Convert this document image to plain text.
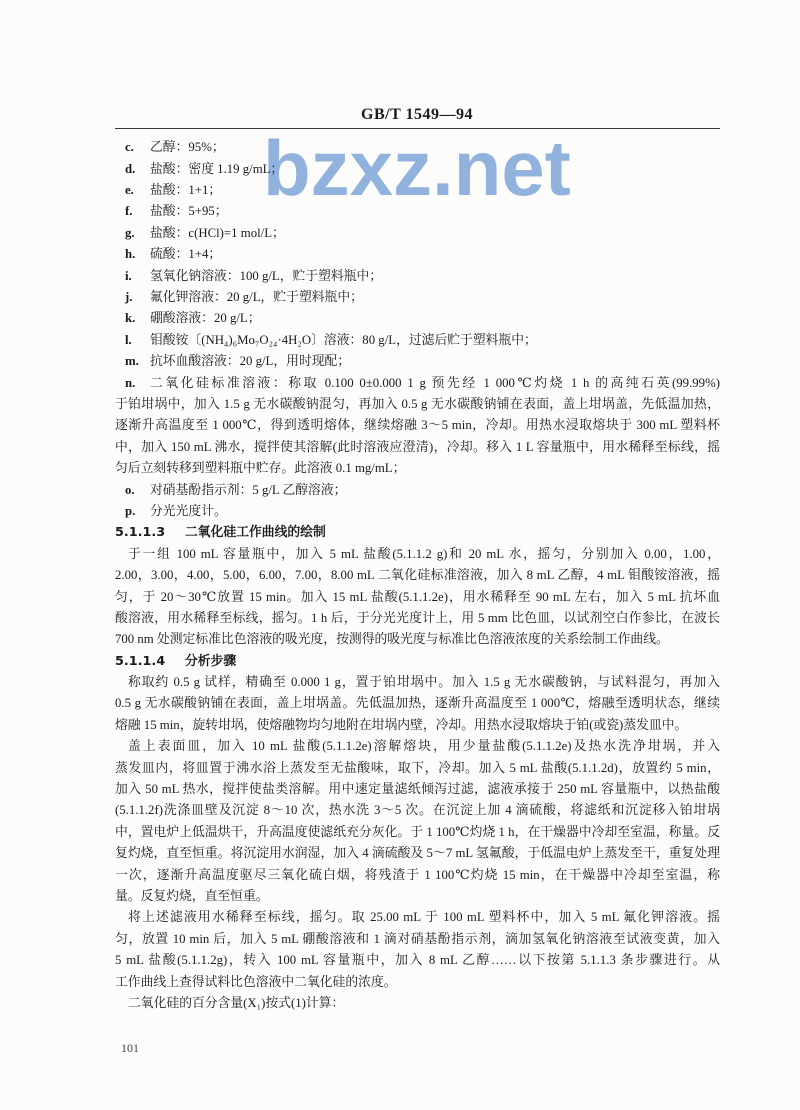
GB/T 1549—94
bzxz.net
c. 乙醇：95%；
d. 盐酸：密度 1.19 g/mL；
e. 盐酸：1+1；
f. 盐酸：5+95；
g. 盐酸：c(HCl)=1 mol/L；
h. 硫酸：1+4；
i. 氢氧化钠溶液：100 g/L，贮于塑料瓶中；
j. 氟化钾溶液：20 g/L，贮于塑料瓶中；
k. 硼酸溶液：20 g/L；
l. 钼酸铵〔(NH₄)₆Mo₇O₂₄·4H₂O〕溶液：80 g/L，过滤后贮于塑料瓶中；
m. 抗坏血酸溶液：20 g/L，用时现配；
n. 二氧化硅标准溶液：称取 0.100 0±0.000 1 g 预先经 1 000℃灼烧 1 h 的高纯石英(99.99%)
于铂坩埚中，加入 1.5 g 无水碳酸钠混匀，再加入 0.5 g 无水碳酸钠铺在表面，盖上坩埚盖，先低温加热，
逐渐升高温度至 1 000℃，得到透明熔体，继续熔融 3～5 min，冷却。用热水浸取熔块于 300 mL 塑料杯
中，加入 150 mL 沸水，搅拌使其溶解(此时溶液应澄清)，冷却。移入 1 L 容量瓶中，用水稀释至标线，摇
匀后立刻转移到塑料瓶中贮存。此溶液 0.1 mg/mL；
o. 对硝基酚指示剂：5 g/L 乙醇溶液；
p. 分光光度计。
5.1.1.3 二氧化硅工作曲线的绘制
于一组 100 mL 容量瓶中，加入 5 mL 盐酸(5.1.1.2 g)和 20 mL 水，摇匀，分别加入 0.00，1.00，
2.00，3.00，4.00，5.00，6.00，7.00，8.00 mL 二氧化硅标准溶液，加入 8 mL 乙醇，4 mL 钼酸铵溶液，摇
匀，于 20～30℃放置 15 min。加入 15 mL 盐酸(5.1.1.2e)，用水稀释至 90 mL 左右，加入 5 mL 抗坏血
酸溶液，用水稀释至标线，摇匀。1 h 后，于分光光度计上，用 5 mm 比色皿，以试剂空白作参比，在波长
700 nm 处测定标准比色溶液的吸光度，按测得的吸光度与标准比色溶液浓度的关系绘制工作曲线。
5.1.1.4 分析步骤
称取约 0.5 g 试样，精确至 0.000 1 g，置于铂坩埚中。加入 1.5 g 无水碳酸钠，与试料混匀，再加入
0.5 g 无水碳酸钠铺在表面，盖上坩埚盖。先低温加热，逐渐升高温度至 1 000℃，熔融至透明状态，继续
熔融 15 min，旋转坩埚，使熔融物均匀地附在坩埚内壁，冷却。用热水浸取熔块于铂(或瓷)蒸发皿中。
盖上表面皿，加入 10 mL 盐酸(5.1.1.2e)溶解熔块，用少量盐酸(5.1.1.2e)及热水洗净坩埚，并入
蒸发皿内，将皿置于沸水浴上蒸发至无盐酸味，取下，冷却。加入 5 mL 盐酸(5.1.1.2d)，放置约 5 min，
加入 50 mL 热水，搅拌使盐类溶解。用中速定量滤纸倾泻过滤，滤液承接于 250 mL 容量瓶中，以热盐酸
(5.1.1.2f)洗涤皿壁及沉淀 8～10 次，热水洗 3～5 次。在沉淀上加 4 滴硫酸，将滤纸和沉淀移入铂坩埚
中，置电炉上低温烘干，升高温度使滤纸充分灰化。于 1 100℃灼烧 1 h，在干燥器中冷却至室温，称量。反
复灼烧，直至恒重。将沉淀用水润湿，加入 4 滴硫酸及 5～7 mL 氢氟酸，于低温电炉上蒸发至干，重复处理
一次，逐渐升高温度驱尽三氧化硫白烟，将残渣于 1 100℃灼烧 15 min，在干燥器中冷却至室温，称
量。反复灼烧，直至恒重。
将上述滤液用水稀释至标线，摇匀。取 25.00 mL 于 100 mL 塑料杯中，加入 5 mL 氟化钾溶液。摇
匀，放置 10 min 后，加入 5 mL 硼酸溶液和 1 滴对硝基酚指示剂，滴加氢氧化钠溶液至试液变黄，加入
5 mL 盐酸(5.1.1.2g)，转入 100 mL 容量瓶中，加入 8 mL 乙醇……以下按第 5.1.1.3 条步骤进行。从
工作曲线上查得试料比色溶液中二氧化硅的浓度。
二氧化硅的百分含量(X₁)按式(1)计算：
101
